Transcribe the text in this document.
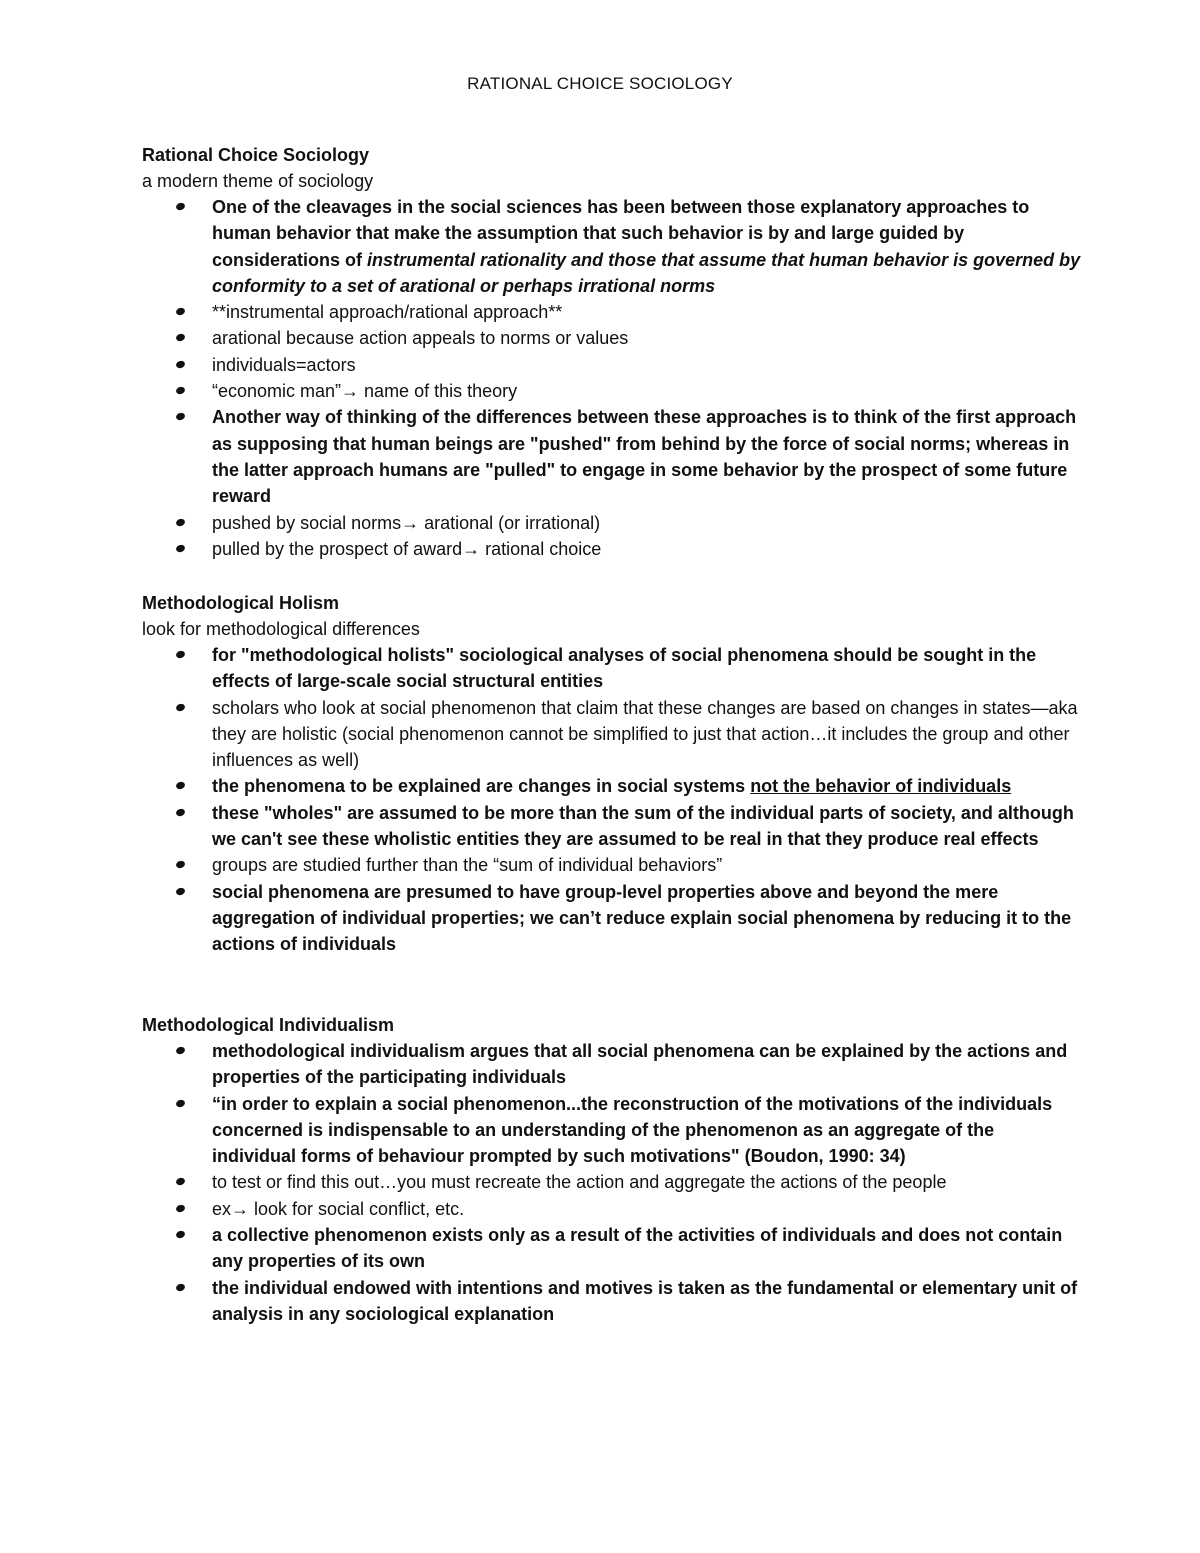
RATIONAL CHOICE SOCIOLOGY
Rational Choice Sociology
a modern theme of sociology
One of the cleavages in the social sciences has been between those explanatory approaches to human behavior that make the assumption that such behavior is by and large guided by considerations of instrumental rationality and those that assume that human behavior is governed by conformity to a set of arational or perhaps irrational norms
**instrumental approach/rational approach**
arational because action appeals to norms or values
individuals=actors
“economic man”→ name of this theory
Another way of thinking of the differences between these approaches is to think of the first approach as supposing that human beings are "pushed" from behind by the force of social norms; whereas in the latter approach humans are "pulled" to engage in some behavior by the prospect of some future reward
pushed by social norms→ arational (or irrational)
pulled by the prospect of award→ rational choice
Methodological Holism
look for methodological differences
for "methodological holists" sociological analyses of social phenomena should be sought in the effects of large-scale social structural entities
scholars who look at social phenomenon that claim that these changes are based on changes in states—aka they are holistic (social phenomenon cannot be simplified to just that action…it includes the group and other influences as well)
the phenomena to be explained are changes in social systems not the behavior of individuals
these "wholes" are assumed to be more than the sum of the individual parts of society, and although we can't see these wholistic entities they are assumed to be real in that they produce real effects
groups are studied further than the “sum of individual behaviors”
social phenomena are presumed to have group-level properties above and beyond the mere aggregation of individual properties; we can’t reduce explain social phenomena by reducing it to the actions of individuals
Methodological Individualism
methodological individualism argues that all social phenomena can be explained by the actions and properties of the participating individuals
“in order to explain a social phenomenon...the reconstruction of the motivations of the individuals concerned is indispensable to an understanding of the phenomenon as an aggregate of the individual forms of behaviour prompted by such motivations" (Boudon, 1990: 34)
to test or find this out…you must recreate the action and aggregate the actions of the people
ex→ look for social conflict, etc.
a collective phenomenon exists only as a result of the activities of individuals and does not contain any properties of its own
the individual endowed with intentions and motives is taken as the fundamental or elementary unit of analysis in any sociological explanation
